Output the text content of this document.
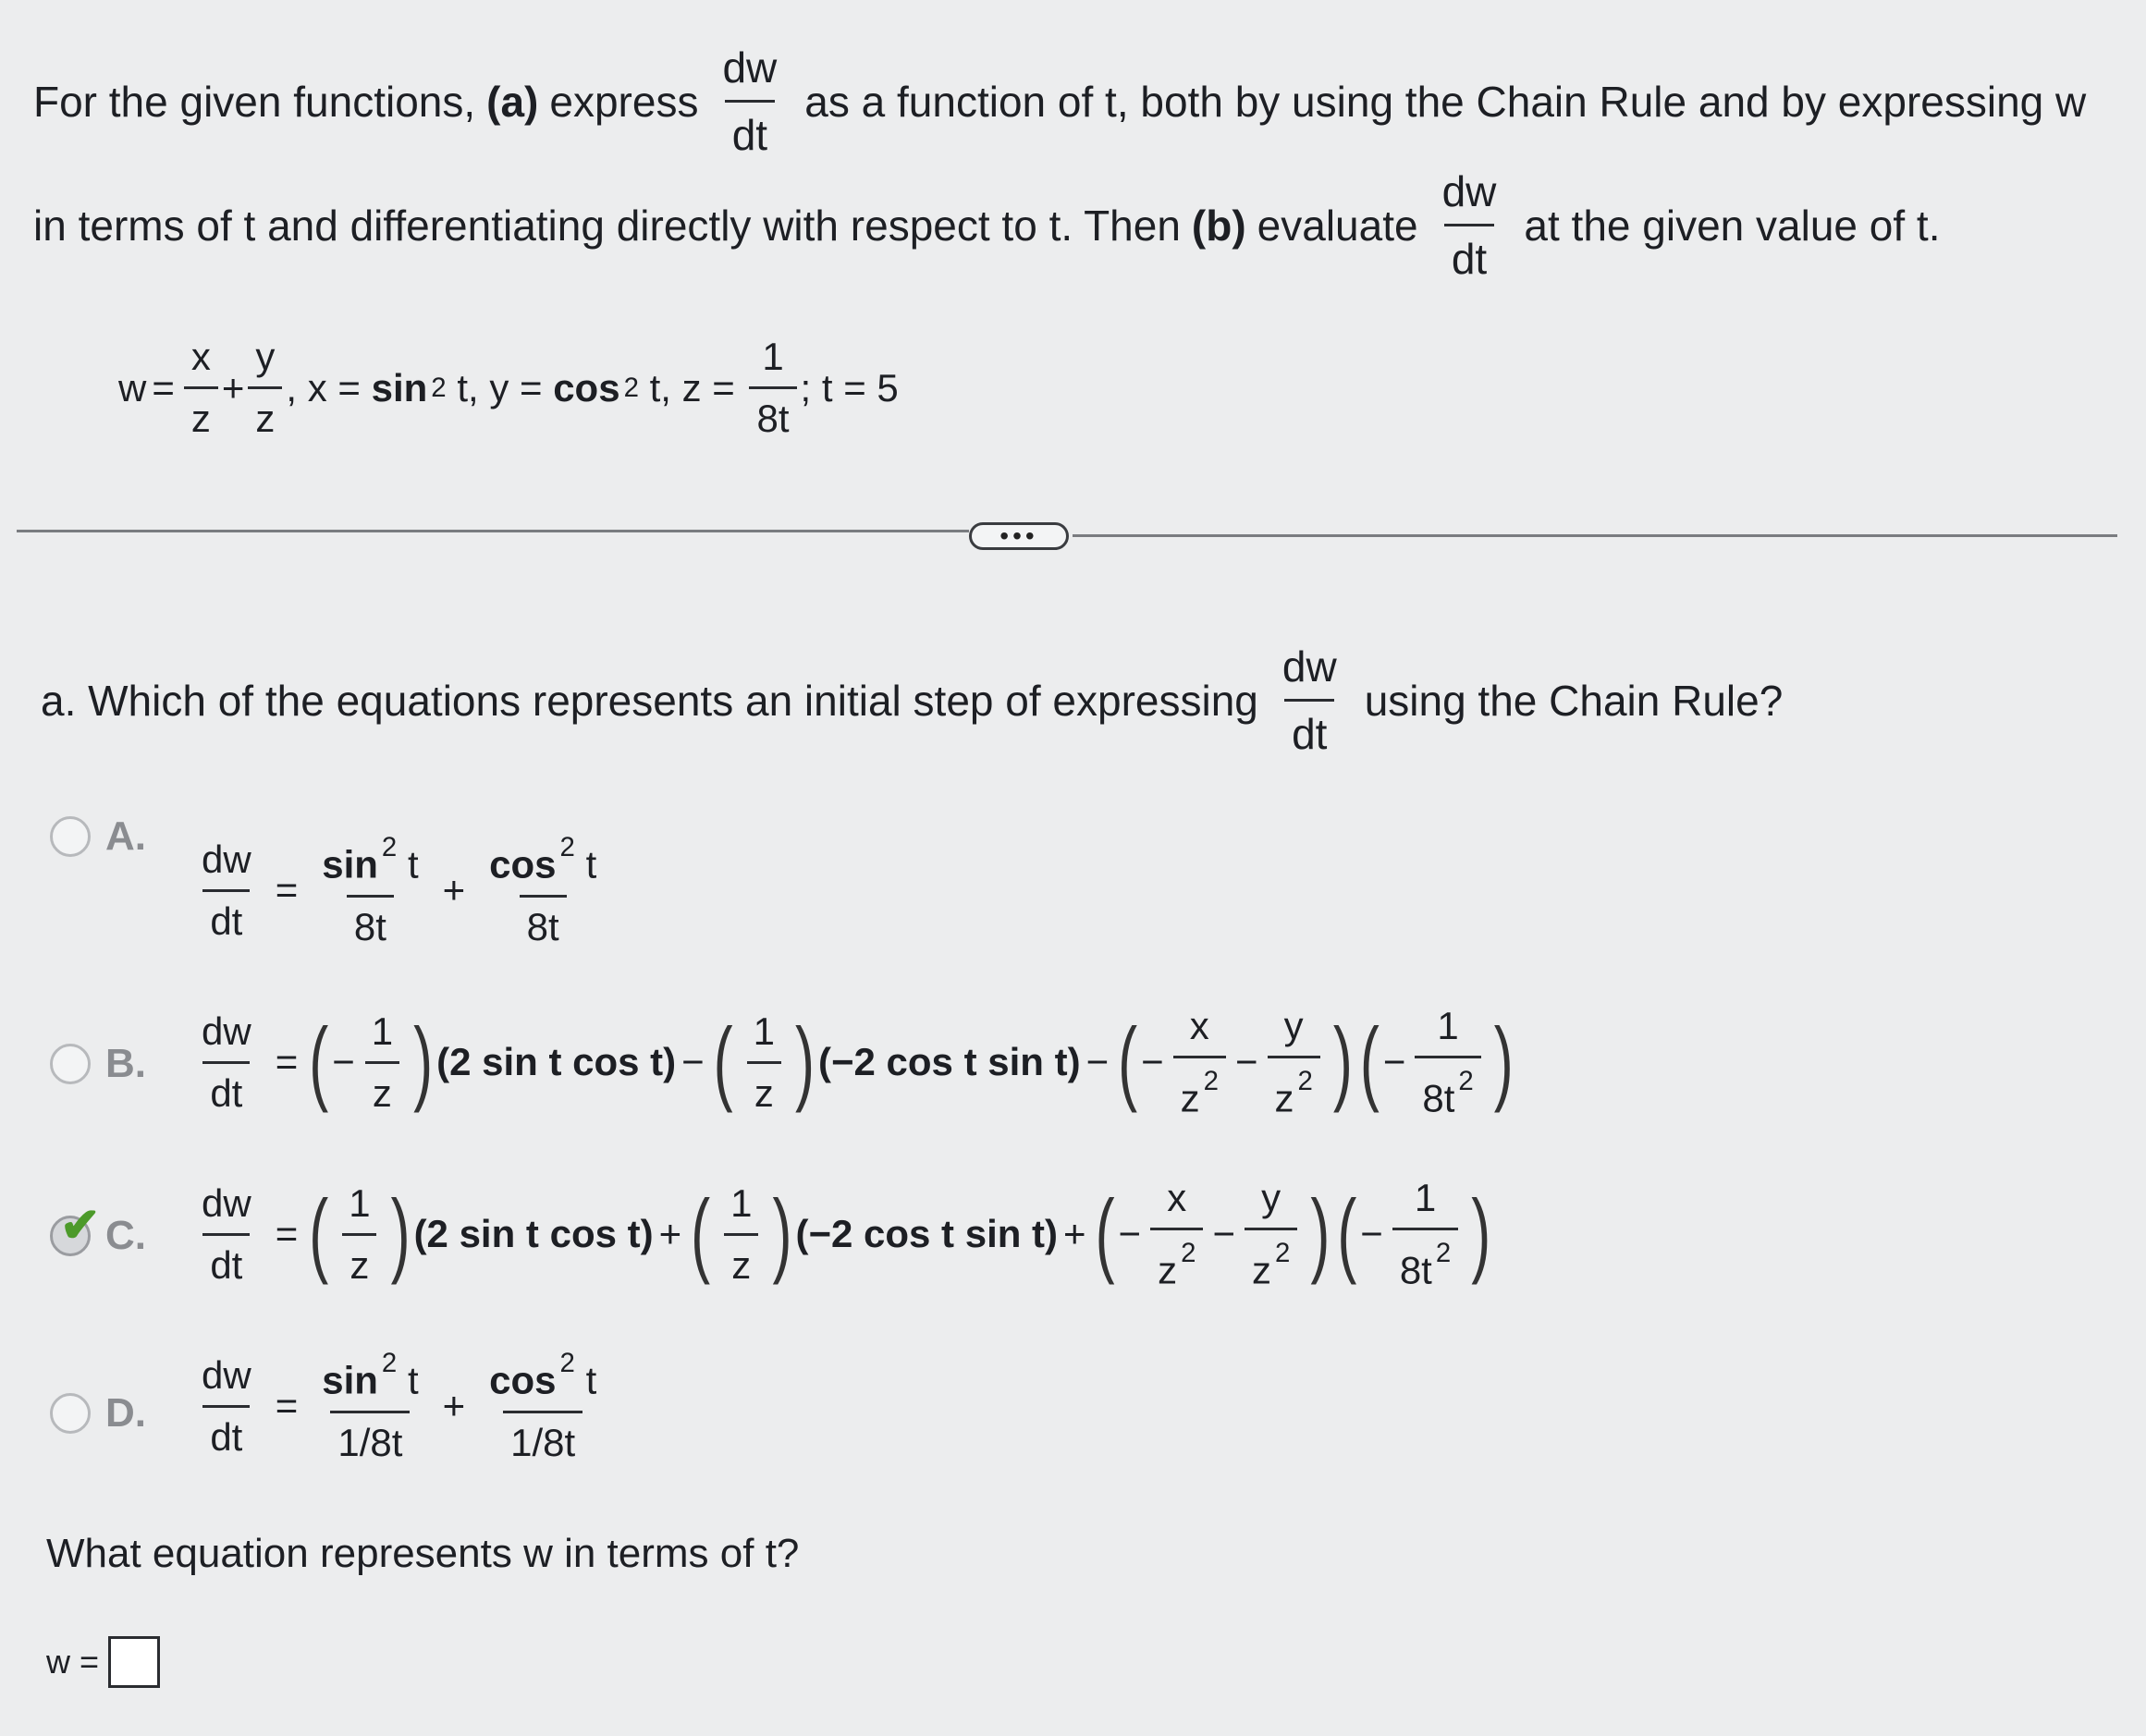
For the given functions, (a) express $\frac{dw}{dt}$ as a function of t, both by using the Chain Rule and by expressing w
in terms of t and differentiating directly with respect to t. Then (b) evaluate $\frac{dw}{dt}$ at the given value of t.
$w = \frac{x}{z} + \frac{y}{z}$ , x = sin 2 t, y = cos 2 t, $z = \frac{1}{8t}$ ; t = 5
•••
a. Which of the equations represents an initial step of expressing $\frac{dw}{dt}$ using the Chain Rule?
A.
$\frac{dw}{dt} = \frac{\sin ^2 t}{8t} + \frac{\cos ^2 t}{8t}$
B. $\frac{dw}{dt}$ = ( − $\frac{1}{z}$ ) (2 sin t cos t) − ( $\frac{1}{z}$ ) (−2 cos t sin t) − ( − $\frac{x}{z ^2} - \frac{y}{z ^2}$ ) ( − $\frac{1}{8t ^2}$ )
✔ C. $\frac{dw}{dt}$ = ( $\frac{1}{z}$ ) (2 sin t cos t) + ( $\frac{1}{z}$ ) (−2 cos t sin t) + ( − $\frac{x}{z ^2} - \frac{y}{z ^2}$ ) ( − $\frac{1}{8t ^2}$ )
D. $\frac{dw}{dt} = \frac{\sin ^2 t}{1/8t} + \frac{\cos ^2 t}{1/8t}$
What equation represents w in terms of t?
w =
